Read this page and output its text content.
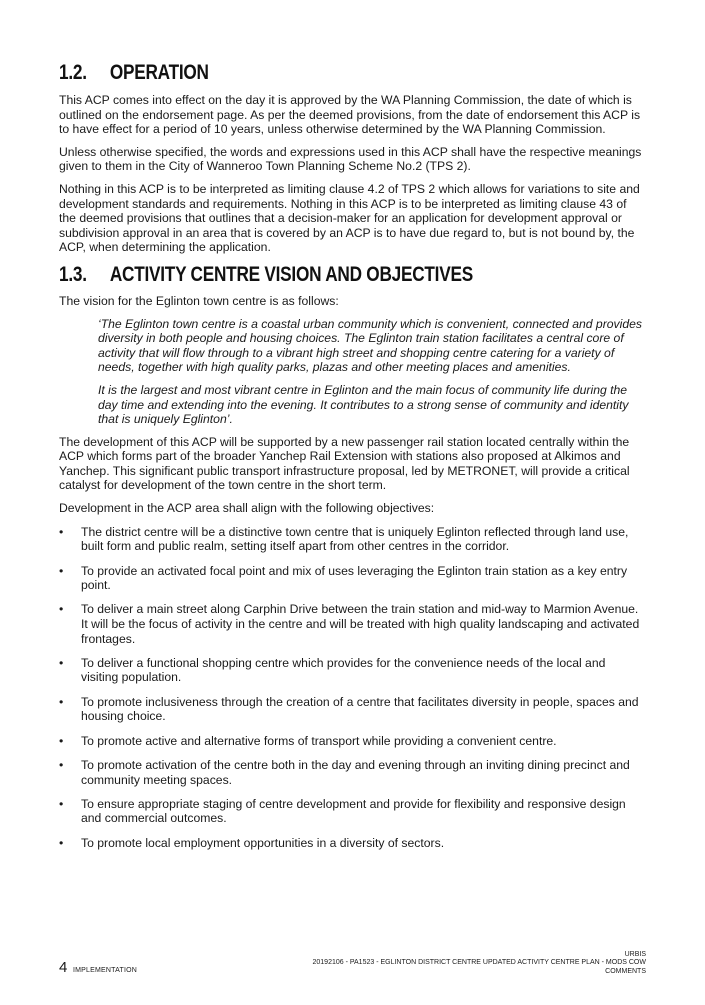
1.2. OPERATION

This ACP comes into effect on the day it is approved by the WA Planning Commission, the date of which is outlined on the endorsement page. As per the deemed provisions, from the date of endorsement this ACP is to have effect for a period of 10 years, unless otherwise determined by the WA Planning Commission.

Unless otherwise specified, the words and expressions used in this ACP shall have the respective meanings given to them in the City of Wanneroo Town Planning Scheme No.2 (TPS 2).

Nothing in this ACP is to be interpreted as limiting clause 4.2 of TPS 2 which allows for variations to site and development standards and requirements. Nothing in this ACP is to be interpreted as limiting clause 43 of the deemed provisions that outlines that a decision-maker for an application for development approval or subdivision approval in an area that is covered by an ACP is to have due regard to, but is not bound by, the ACP, when determining the application.

1.3. ACTIVITY CENTRE VISION AND OBJECTIVES

The vision for the Eglinton town centre is as follows:

‘The Eglinton town centre is a coastal urban community which is convenient, connected and provides diversity in both people and housing choices. The Eglinton train station facilitates a central core of activity that will flow through to a vibrant high street and shopping centre catering for a variety of needs, together with high quality parks, plazas and other meeting places and amenities.

It is the largest and most vibrant centre in Eglinton and the main focus of community life during the day time and extending into the evening. It contributes to a strong sense of community and identity that is uniquely Eglinton’.

The development of this ACP will be supported by a new passenger rail station located centrally within the ACP which forms part of the broader Yanchep Rail Extension with stations also proposed at Alkimos and Yanchep. This significant public transport infrastructure proposal, led by METRONET, will provide a critical catalyst for development of the town centre in the short term.

Development in the ACP area shall align with the following objectives:

• The district centre will be a distinctive town centre that is uniquely Eglinton reflected through land use, built form and public realm, setting itself apart from other centres in the corridor.
• To provide an activated focal point and mix of uses leveraging the Eglinton train station as a key entry point.
• To deliver a main street along Carphin Drive between the train station and mid-way to Marmion Avenue. It will be the focus of activity in the centre and will be treated with high quality landscaping and activated frontages.
• To deliver a functional shopping centre which provides for the convenience needs of the local and visiting population.
• To promote inclusiveness through the creation of a centre that facilitates diversity in people, spaces and housing choice.
• To promote active and alternative forms of transport while providing a convenient centre.
• To promote activation of the centre both in the day and evening through an inviting dining precinct and community meeting spaces.
• To ensure appropriate staging of centre development and provide for flexibility and responsive design and commercial outcomes.
• To promote local employment opportunities in a diversity of sectors.
4 IMPLEMENTATION
URBIS
20192106 - PA1523 - EGLINTON DISTRICT CENTRE UPDATED ACTIVITY CENTRE PLAN - MODS COW COMMENTS
